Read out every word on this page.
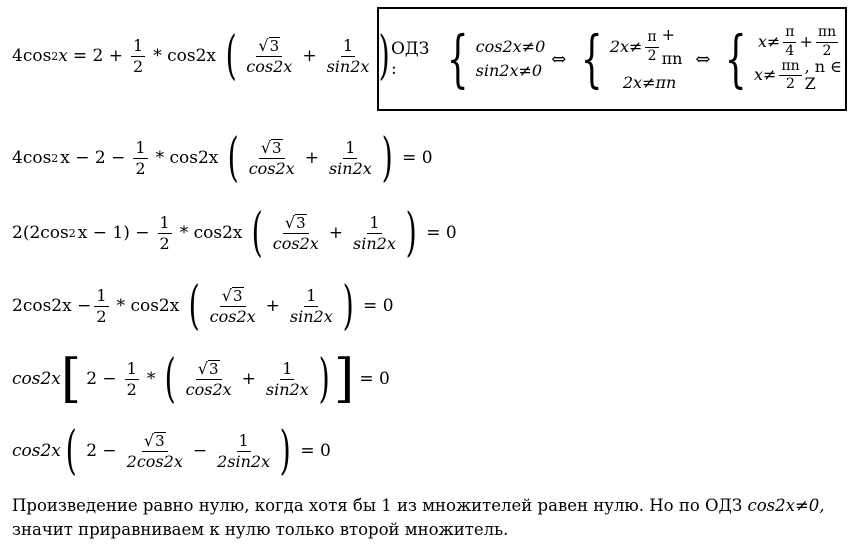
4cos 2 $x = 2 + \frac{1}{2} * \cos 2x$ ( $\frac{√ 3}{\cos 2x} + \frac{1}{\sin 2x}$ ) ОДЗ : { cos2x≠0
sin2x≠0
⇔ { $2x\ne \frac{\pi}{2} + \pi n$
2x≠πn
⇔ { $x\ne \frac{\pi}{4} + \frac{\pi n}{2}$
$x\ne \frac{\pi n}{2}$ , n ∈ Z
4cos 2 $x - 2 - \frac{1}{2} * \cos 2x$ ( $\frac{√ 3}{\cos 2x} + \frac{1}{\sin 2x}$ ) = 0
2(2cos 2 $x - 1) - \frac{1}{2} * \cos 2x$ ( $\frac{√ 3}{\cos 2x} + \frac{1}{\sin 2x}$ ) = 0
$2\cos 2x - \frac{1}{2} * \cos 2x$ ( $\frac{√ 3}{\cos 2x} + \frac{1}{\sin 2x}$ ) = 0
cos2x [ $2 - \frac{1}{2}$ * ( $\frac{√ 3}{\cos 2x} + \frac{1}{\sin 2x}$ ) ] = 0
cos2x ( $2 - \frac{√ 3}{2\cos 2x} - \frac{1}{2\sin 2x}$ ) = 0
Произведение равно нулю, когда хотя бы 1 из множителей равен нулю. Но по ОДЗ cos2x≠0,
значит приравниваем к нулю только второй множитель.
